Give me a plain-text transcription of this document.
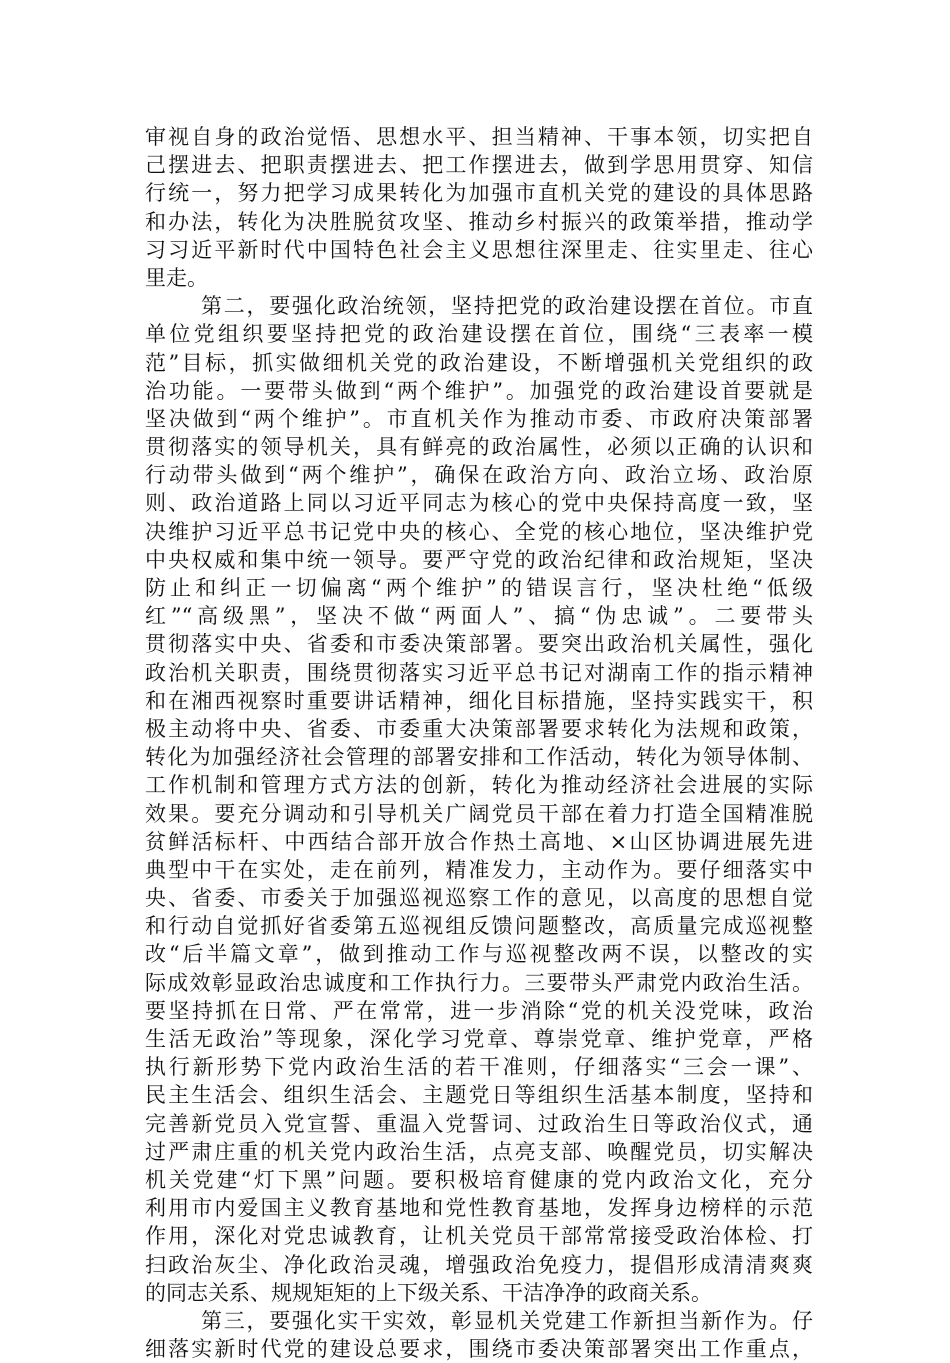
审视自身的政治觉悟、思想水平、担当精神、干事本领，切实把自
己摆进去、把职责摆进去、把工作摆进去，做到学思用贯穿、知信
行统一，努力把学习成果转化为加强市直机关党的建设的具体思路
和办法，转化为决胜脱贫攻坚、推动乡村振兴的政策举措，推动学
习习近平新时代中国特色社会主义思想往深里走、往实里走、往心
里走。
第二，要强化政治统领，坚持把党的政治建设摆在首位。市直
单位党组织要坚持把党的政治建设摆在首位，围绕“三表率一模
范”目标，抓实做细机关党的政治建设，不断增强机关党组织的政
治功能。一要带头做到“两个维护”。加强党的政治建设首要就是
坚决做到“两个维护”。市直机关作为推动市委、市政府决策部署
贯彻落实的领导机关，具有鲜亮的政治属性，必须以正确的认识和
行动带头做到“两个维护”，确保在政治方向、政治立场、政治原
则、政治道路上同以习近平同志为核心的党中央保持高度一致，坚
决维护习近平总书记党中央的核心、全党的核心地位，坚决维护党
中央权威和集中统一领导。要严守党的政治纪律和政治规矩，坚决
防止和纠正一切偏离“两个维护”的错误言行，坚决杜绝“低级
红”“高级黑”，坚决不做“两面人”、搞“伪忠诚”。二要带头
贯彻落实中央、省委和市委决策部署。要突出政治机关属性，强化
政治机关职责，围绕贯彻落实习近平总书记对湖南工作的指示精神
和在湘西视察时重要讲话精神，细化目标措施，坚持实践实干，积
极主动将中央、省委、市委重大决策部署要求转化为法规和政策，
转化为加强经济社会管理的部署安排和工作活动，转化为领导体制、
工作机制和管理方式方法的创新，转化为推动经济社会进展的实际
效果。要充分调动和引导机关广阔党员干部在着力打造全国精准脱
贫鲜活标杆、中西结合部开放合作热土高地、×山区协调进展先进
典型中干在实处，走在前列，精准发力，主动作为。要仔细落实中
央、省委、市委关于加强巡视巡察工作的意见，以高度的思想自觉
和行动自觉抓好省委第五巡视组反馈问题整改，高质量完成巡视整
改“后半篇文章”，做到推动工作与巡视整改两不误，以整改的实
际成效彰显政治忠诚度和工作执行力。三要带头严肃党内政治生活。
要坚持抓在日常、严在常常，进一步消除“党的机关没党味，政治
生活无政治”等现象，深化学习党章、尊崇党章、维护党章，严格
执行新形势下党内政治生活的若干准则，仔细落实“三会一课”、
民主生活会、组织生活会、主题党日等组织生活基本制度，坚持和
完善新党员入党宣誓、重温入党誓词、过政治生日等政治仪式，通
过严肃庄重的机关党内政治生活，点亮支部、唤醒党员，切实解决
机关党建“灯下黑”问题。要积极培育健康的党内政治文化，充分
利用市内爱国主义教育基地和党性教育基地，发挥身边榜样的示范
作用，深化对党忠诚教育，让机关党员干部常常接受政治体检、打
扫政治灰尘、净化政治灵魂，增强政治免疫力，提倡形成清清爽爽
的同志关系、规规矩矩的上下级关系、干洁净净的政商关系。
第三，要强化实干实效，彰显机关党建工作新担当新作为。仔
细落实新时代党的建设总要求，围绕市委决策部署突出工作重点，
